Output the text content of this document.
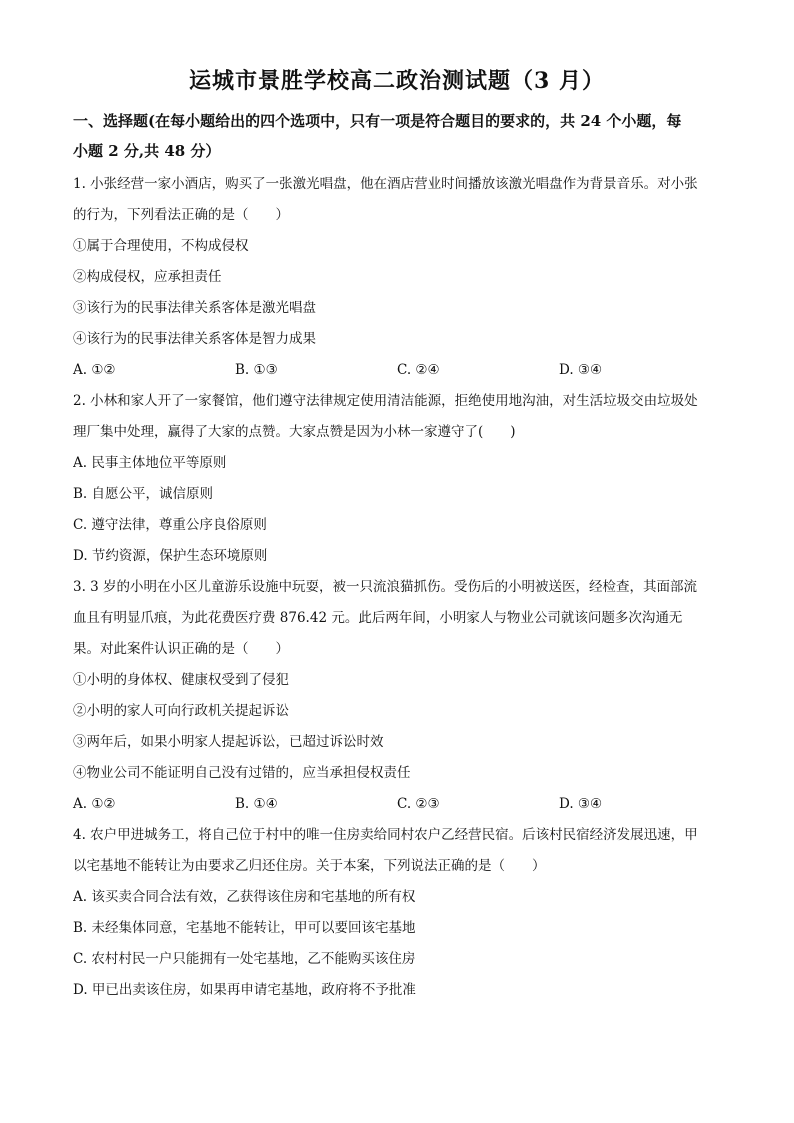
运城市景胜学校高二政治测试题（3 月）
一、选择题(在每小题给出的四个选项中，只有一项是符合题目的要求的，共 24 个小题，每
小题 2 分,共 48 分）
1. 小张经营一家小酒店，购买了一张激光唱盘，他在酒店营业时间播放该激光唱盘作为背景音乐。对小张
的行为，下列看法正确的是（　　）
①属于合理使用，不构成侵权
②构成侵权，应承担责任
③该行为的民事法律关系客体是激光唱盘
④该行为的民事法律关系客体是智力成果
A. ①②	B. ①③	C. ②④	D. ③④
2. 小林和家人开了一家餐馆，他们遵守法律规定使用清洁能源，拒绝使用地沟油，对生活垃圾交由垃圾处
理厂集中处理，赢得了大家的点赞。大家点赞是因为小林一家遵守了(　　)
A. 民事主体地位平等原则
B. 自愿公平，诚信原则
C. 遵守法律，尊重公序良俗原则
D. 节约资源，保护生态环境原则
3. 3 岁的小明在小区儿童游乐设施中玩耍，被一只流浪猫抓伤。受伤后的小明被送医，经检查，其面部流
血且有明显爪痕，为此花费医疗费 876.42 元。此后两年间，小明家人与物业公司就该问题多次沟通无
果。对此案件认识正确的是（　　）
①小明的身体权、健康权受到了侵犯
②小明的家人可向行政机关提起诉讼
③两年后，如果小明家人提起诉讼，已超过诉讼时效
④物业公司不能证明自己没有过错的，应当承担侵权责任
A. ①②	B. ①④	C. ②③	D. ③④
4. 农户甲进城务工，将自己位于村中的唯一住房卖给同村农户乙经营民宿。后该村民宿经济发展迅速，甲
以宅基地不能转让为由要求乙归还住房。关于本案，下列说法正确的是（　　）
A. 该买卖合同合法有效，乙获得该住房和宅基地的所有权
B. 未经集体同意，宅基地不能转让，甲可以要回该宅基地
C. 农村村民一户只能拥有一处宅基地，乙不能购买该住房
D. 甲已出卖该住房，如果再申请宅基地，政府将不予批准
